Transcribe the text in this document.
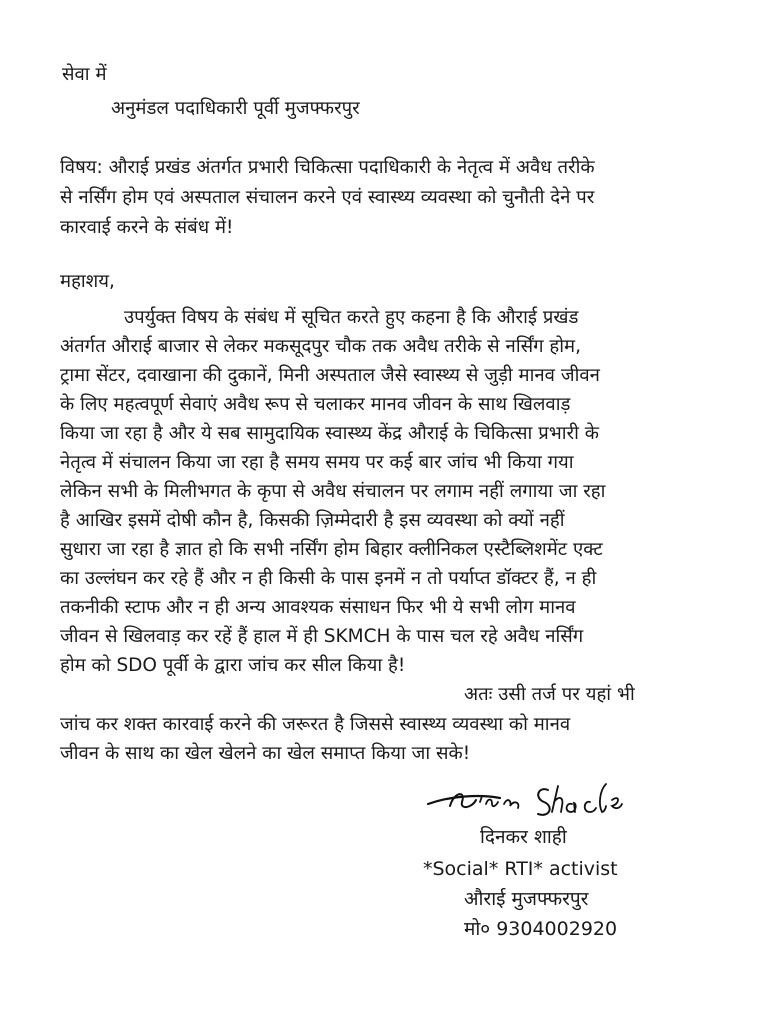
सेवा में
अनुमंडल पदाधिकारी पूर्वी मुजफ्फरपुर
विषय: औराई प्रखंड अंतर्गत प्रभारी चिकित्सा पदाधिकारी के नेतृत्व में अवैध तरीके
से नर्सिंग होम एवं अस्पताल संचालन करने एवं स्वास्थ्य व्यवस्था को चुनौती देने पर
कारवाई करने के संबंध में!
महाशय,
उपर्युक्त विषय के संबंध में सूचित करते हुए कहना है कि औराई प्रखंड
अंतर्गत औराई बाजार से लेकर मकसूदपुर चौक तक अवैध तरीके से नर्सिंग होम,
ट्रामा सेंटर, दवाखाना की दुकानें, मिनी अस्पताल जैसे स्वास्थ्य से जुड़ी मानव जीवन
के लिए महत्वपूर्ण सेवाएं अवैध रूप से चलाकर मानव जीवन के साथ खिलवाड़
किया जा रहा है और ये सब सामुदायिक स्वास्थ्य केंद्र औराई के चिकित्सा प्रभारी के
नेतृत्व में संचालन किया जा रहा है समय समय पर कई बार जांच भी किया गया
लेकिन सभी के मिलीभगत के कृपा से अवैध संचालन पर लगाम नहीं लगाया जा रहा
है आखिर इसमें दोषी कौन है, किसकी ज़िम्मेदारी है इस व्यवस्था को क्यों नहीं
सुधारा जा रहा है ज्ञात हो कि सभी नर्सिंग होम बिहार क्लीनिकल एस्टैब्लिशमेंट एक्ट
का उल्लंघन कर रहे हैं और न ही किसी के पास इनमें न तो पर्याप्त डॉक्टर हैं, न ही
तकनीकी स्टाफ और न ही अन्य आवश्यक संसाधन फिर भी ये सभी लोग मानव
जीवन से खिलवाड़ कर रहें हैं हाल में ही SKMCH के पास चल रहे अवैध नर्सिंग
होम को SDO पूर्वी के द्वारा जांच कर सील किया है!
अतः उसी तर्ज पर यहां भी
जांच कर शक्त कारवाई करने की जरूरत है जिससे स्वास्थ्य व्यवस्था को मानव
जीवन के साथ का खेल खेलने का खेल समाप्त किया जा सके!
दिनकर शाही
*Social* RTI* activist
औराई मुजफ्फरपुर
मो० 9304002920
